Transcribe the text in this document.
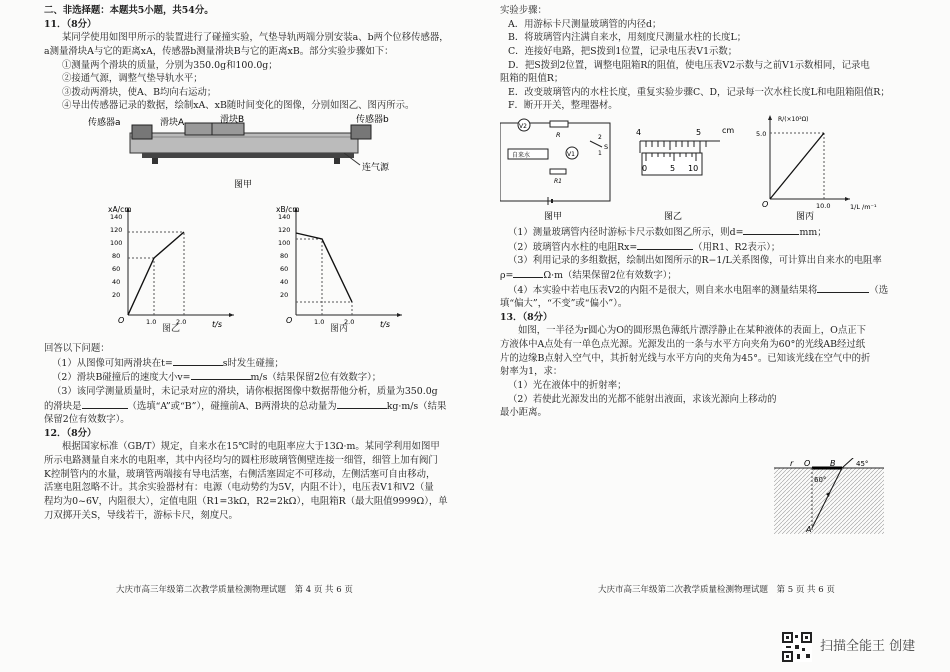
二、非选择题：本题共5小题，共54分。

11．（8分）

某同学使用如图甲所示的装置进行了碰撞实验，气垫导轨两端分别安装a、b两个位移传感器，

a测量滑块A与它的距离xA，传感器b测量滑块B与它的距离xB。部分实验步骤如下：

①测量两个滑块的质量，分别为350.0g和100.0g；

②接通气源，调整气垫导轨水平；

③拨动两滑块，使A、B均向右运动；

④导出传感器记录的数据，绘制xA、xB随时间变化的图像，分别如图乙、图丙所示。

传感器a	滑块A	滑块B	传感器b
连气源
图甲
xA/cm
140
120
100
80
60
40
20
O	1.0	2.0	t/s
xB/cm
140
120
100
80
60
40
20
O	1.0	2.0	t/s
图乙	图丙

回答以下问题：

（1）从图像可知两滑块在t=	s时发生碰撞；

（2）滑块B碰撞后的速度大小v=	m/s（结果保留2位有效数字）；

（3）该同学测量质量时，未记录对应的滑块，请你根据图像中数据帮他分析，质量为350.0g

的滑块是	（选填“A”或“B”），碰撞前A、B两滑块的总动量为	kg·m/s（结果

保留2位有效数字）。

12．（8分）

根据国家标准（GB/T）规定，自来水在15℃时的电阻率应大于13Ω·m。某同学利用如图甲

所示电路测量自来水的电阻率，其中内径均匀的圆柱形玻璃管侧壁连接一细管，细管上加有阀门

K控制管内的水量，玻璃管两端接有导电活塞，右侧活塞固定不可移动，左侧活塞可自由移动，

活塞电阻忽略不计。其余实验器材有：电源（电动势约为5V，内阻不计），电压表V1和V2（量

程均为0~6V，内阻很大），定值电阻（R1=3kΩ，R2=2kΩ），电阻箱R（最大阻值9999Ω），单

刀双掷开关S，导线若干，游标卡尺，刻度尺。

大庆市高三年级第二次教学质量检测物理试题　第 4 页 共 6 页

实验步骤：

A．用游标卡尺测量玻璃管的内径d；

B．将玻璃管内注满自来水，用刻度尺测量水柱的长度L；

C．连接好电路，把S拨到1位置，记录电压表V1示数；

D．把S拨到2位置，调整电阻箱R的阻值，使电压表V2示数与之前V1示数相同，记录电

阻箱的阻值R；

E．改变玻璃管内的水柱长度，重复实验步骤C、D，记录每一次水柱长度L和电阻箱阻值R；

F．断开开关，整理器材。

V2
R
自来水	V1
R1
2
1
S
图甲
4	5	cm
0	5 10
图乙
R/(×10²Ω)
5.0
10.0
O	1/L /m⁻¹
图丙

（1）测量玻璃管内径时游标卡尺示数如图乙所示，则d=	mm；

（2）玻璃管内水柱的电阻Rx=	（用R1、R2表示）；

（3）利用记录的多组数据，绘制出如图所示的R−1/L关系图像，可计算出自来水的电阻率

ρ=	Ω·m（结果保留2位有效数字）；

（4）本实验中若电压表V2的内阻不是很大，则自来水电阻率的测量结果将	（选

填“偏大”，“不变”或“偏小”）。

13．（8分）

如图，一半径为r圆心为O的圆形黑色薄纸片漂浮静止在某种液体的表面上，O点正下

方液体中A点处有一单色点光源。光源发出的一条与水平方向夹角为60°的光线AB经过纸

片的边缘B点射入空气中，其折射光线与水平方向的夹角为45°。已知该光线在空气中的折

射率为1，求：

（1）光在液体中的折射率；

（2）若使此光源发出的光都不能射出液面，求该光源向上移动的

最小距离。

r O B	45°
60°
A
大庆市高三年级第二次教学质量检测物理试题　第 5 页 共 6 页
扫描全能王 创建
